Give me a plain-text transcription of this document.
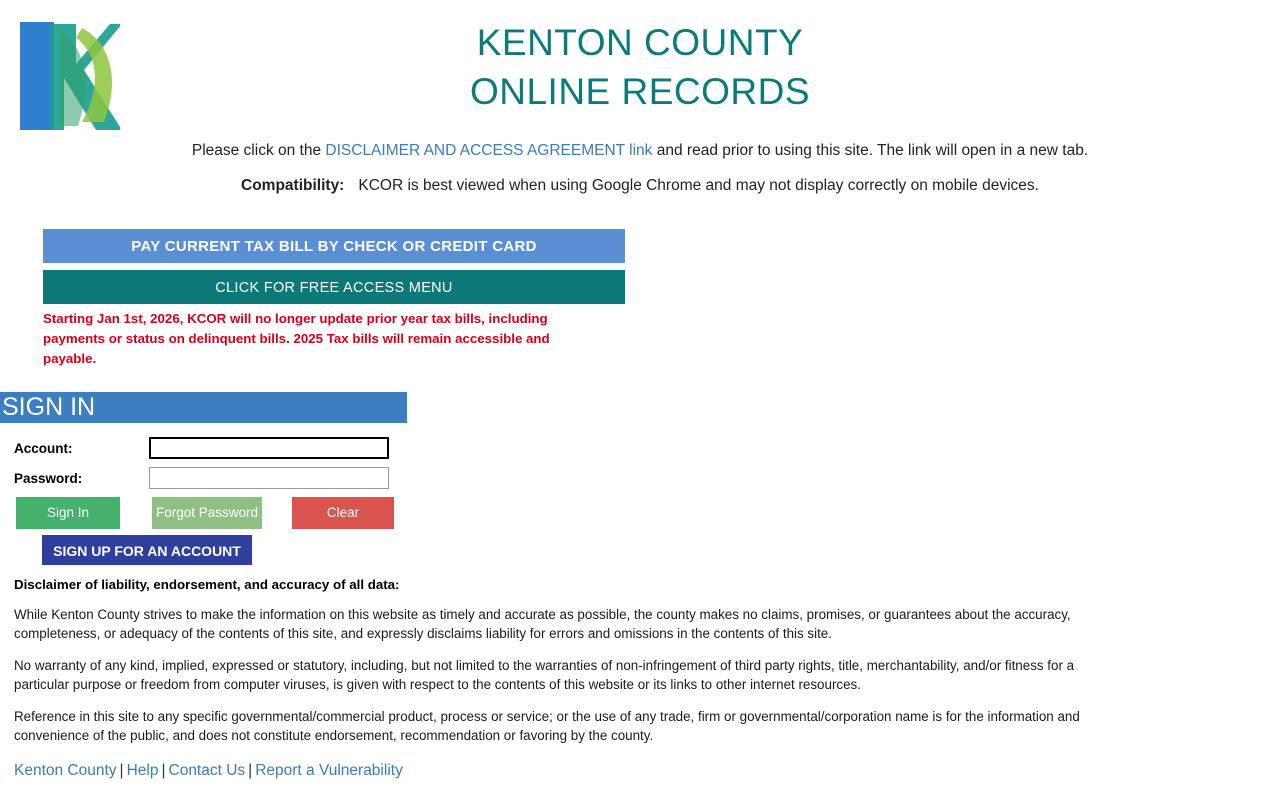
KENTON COUNTY
ONLINE RECORDS
Please click on the DISCLAIMER AND ACCESS AGREEMENT link and read prior to using this site. The link will open in a new tab.
Compatibility: KCOR is best viewed when using Google Chrome and may not display correctly on mobile devices.
PAY CURRENT TAX BILL BY CHECK OR CREDIT CARD
CLICK FOR FREE ACCESS MENU
Starting Jan 1st, 2026, KCOR will no longer update prior year tax bills, including payments or status on delinquent bills. 2025 Tax bills will remain accessible and payable.
SIGN IN
Account:
Password:
Sign In	Forgot Password	Clear
SIGN UP FOR AN ACCOUNT
Disclaimer of liability, endorsement, and accuracy of all data:

While Kenton County strives to make the information on this website as timely and accurate as possible, the county makes no claims, promises, or guarantees about the accuracy, completeness, or adequacy of the contents of this site, and expressly disclaims liability for errors and omissions in the contents of this site.

No warranty of any kind, implied, expressed or statutory, including, but not limited to the warranties of non-infringement of third party rights, title, merchantability, and/or fitness for a particular purpose or freedom from computer viruses, is given with respect to the contents of this website or its links to other internet resources.

Reference in this site to any specific governmental/commercial product, process or service; or the use of any trade, firm or governmental/corporation name is for the information and convenience of the public, and does not constitute endorsement, recommendation or favoring by the county.

Kenton County | Help | Contact Us | Report a Vulnerability
